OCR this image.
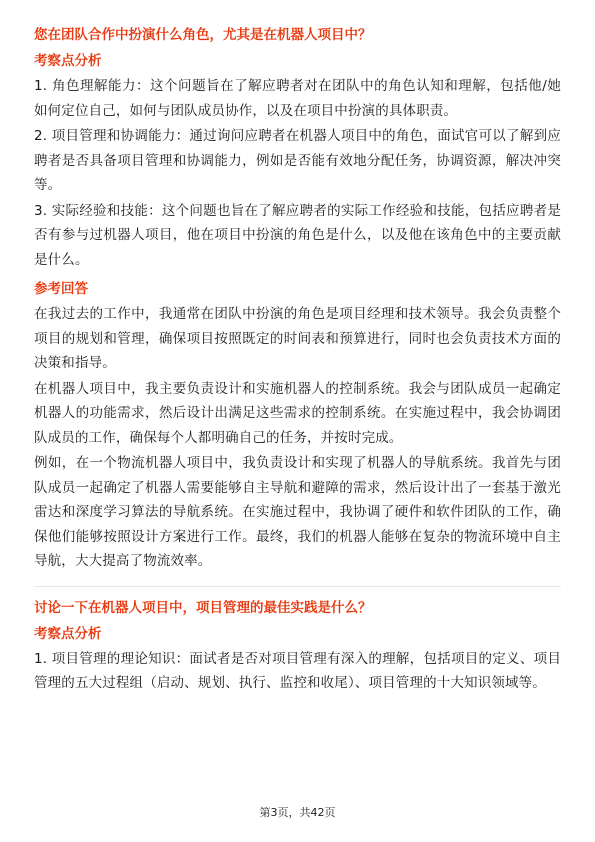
您在团队合作中扮演什么角色，尤其是在机器人项目中？
考察点分析

1. 角色理解能力：这个问题旨在了解应聘者对在团队中的角色认知和理解，包括他/她如何定位自己，如何与团队成员协作，以及在项目中扮演的具体职责。

2. 项目管理和协调能力：通过询问应聘者在机器人项目中的角色，面试官可以了解到应聘者是否具备项目管理和协调能力，例如是否能有效地分配任务，协调资源，解决冲突等。

3. 实际经验和技能：这个问题也旨在了解应聘者的实际工作经验和技能，包括应聘者是否有参与过机器人项目，他在项目中扮演的角色是什么，以及他在该角色中的主要贡献是什么。

参考回答

在我过去的工作中，我通常在团队中扮演的角色是项目经理和技术领导。我会负责整个项目的规划和管理，确保项目按照既定的时间表和预算进行，同时也会负责技术方面的决策和指导。

在机器人项目中，我主要负责设计和实施机器人的控制系统。我会与团队成员一起确定机器人的功能需求，然后设计出满足这些需求的控制系统。在实施过程中，我会协调团队成员的工作，确保每个人都明确自己的任务，并按时完成。

例如，在一个物流机器人项目中，我负责设计和实现了机器人的导航系统。我首先与团队成员一起确定了机器人需要能够自主导航和避障的需求，然后设计出了一套基于激光雷达和深度学习算法的导航系统。在实施过程中，我协调了硬件和软件团队的工作，确保他们能够按照设计方案进行工作。最终，我们的机器人能够在复杂的物流环境中自主导航，大大提高了物流效率。

讨论一下在机器人项目中，项目管理的最佳实践是什么？
考察点分析

1. 项目管理的理论知识：面试者是否对项目管理有深入的理解，包括项目的定义、项目管理的五大过程组（启动、规划、执行、监控和收尾）、项目管理的十大知识领域等。

第3页，共42页
